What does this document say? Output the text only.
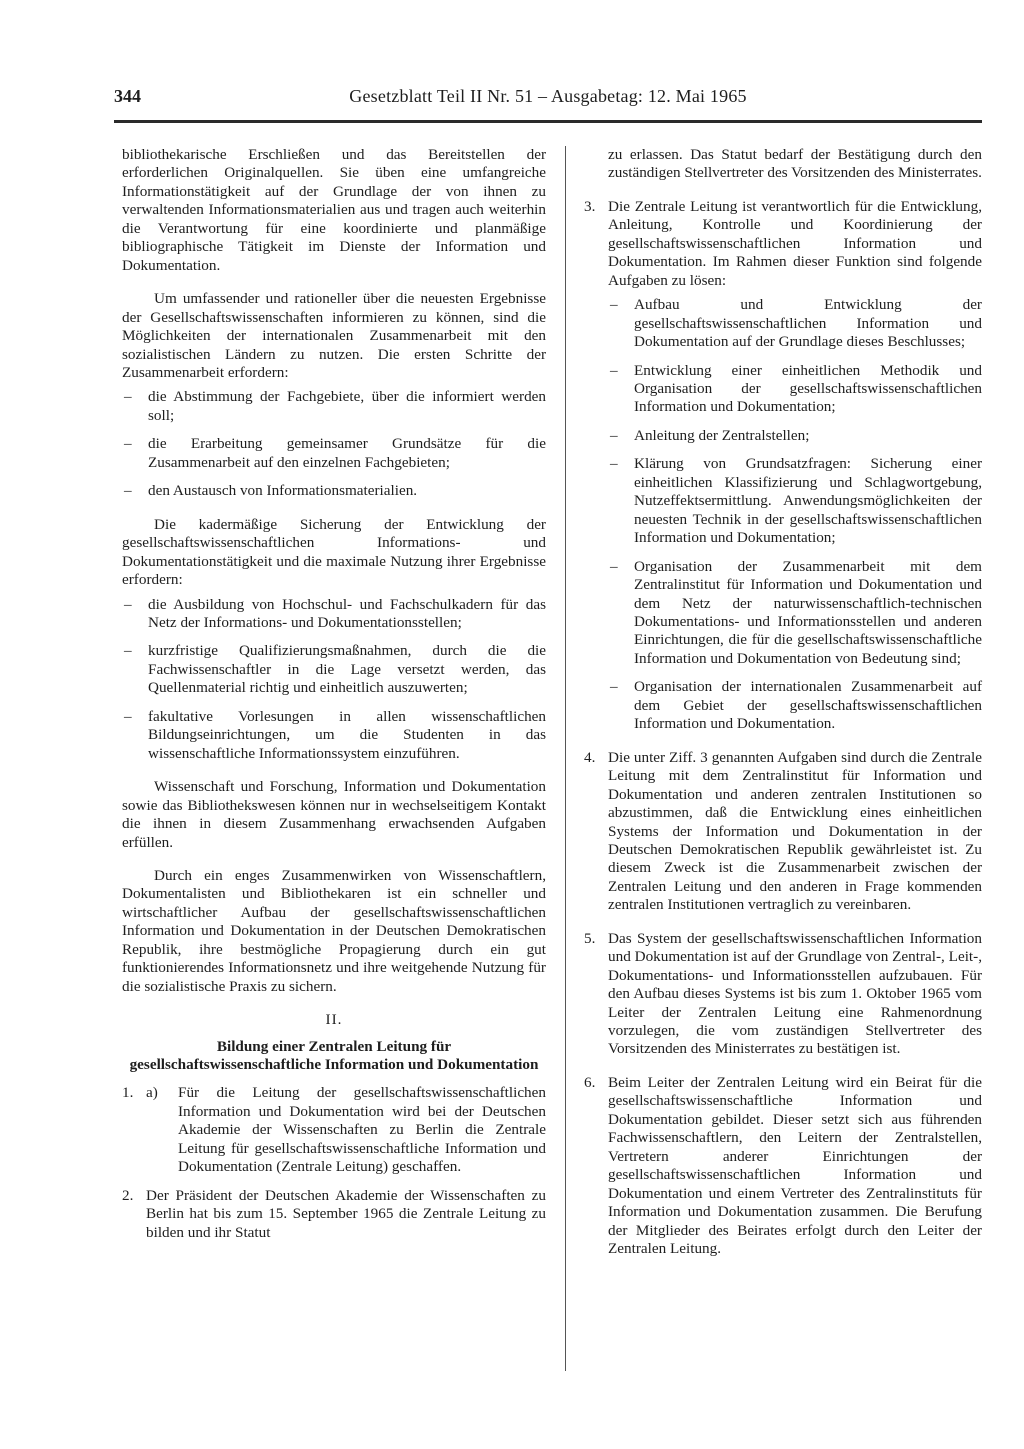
344	Gesetzblatt Teil II Nr. 51 – Ausgabetag: 12. Mai 1965

bibliothekarische Erschließen und das Bereitstellen der erforderlichen Originalquellen. Sie üben eine umfangreiche Informationstätigkeit auf der Grundlage der von ihnen zu verwaltenden Informationsmaterialien aus und tragen auch weiterhin die Verantwortung für eine koordinierte und planmäßige bibliographische Tätigkeit im Dienste der Information und Dokumentation.

Um umfassender und rationeller über die neuesten Ergebnisse der Gesellschaftswissenschaften informieren zu können, sind die Möglichkeiten der internationalen Zusammenarbeit mit den sozialistischen Ländern zu nutzen. Die ersten Schritte der Zusammenarbeit erfordern:

–	die Abstimmung der Fachgebiete, über die informiert werden soll;
–	die Erarbeitung gemeinsamer Grundsätze für die Zusammenarbeit auf den einzelnen Fachgebieten;
–	den Austausch von Informationsmaterialien.

Die kadermäßige Sicherung der Entwicklung der gesellschaftswissenschaftlichen Informations- und Dokumentationstätigkeit und die maximale Nutzung ihrer Ergebnisse erfordern:

–	die Ausbildung von Hochschul- und Fachschulkadern für das Netz der Informations- und Dokumentationsstellen;
–	kurzfristige Qualifizierungsmaßnahmen, durch die die Fachwissenschaftler in die Lage versetzt werden, das Quellenmaterial richtig und einheitlich auszuwerten;
–	fakultative Vorlesungen in allen wissenschaftlichen Bildungseinrichtungen, um die Studenten in das wissenschaftliche Informationssystem einzuführen.

Wissenschaft und Forschung, Information und Dokumentation sowie das Bibliothekswesen können nur in wechselseitigem Kontakt die ihnen in diesem Zusammenhang erwachsenden Aufgaben erfüllen.

Durch ein enges Zusammenwirken von Wissenschaftlern, Dokumentalisten und Bibliothekaren ist ein schneller und wirtschaftlicher Aufbau der gesellschaftswissenschaftlichen Information und Dokumentation in der Deutschen Demokratischen Republik, ihre bestmögliche Propagierung durch ein gut funktionierendes Informationsnetz und ihre weitgehende Nutzung für die sozialistische Praxis zu sichern.

II.
Bildung einer Zentralen Leitung für gesellschaftswissenschaftliche Information und Dokumentation
1. a)	Für die Leitung der gesellschaftswissenschaftlichen Information und Dokumentation wird bei der Deutschen Akademie der Wissenschaften zu Berlin die Zentrale Leitung für gesellschaftswissenschaftliche Information und Dokumentation (Zentrale Leitung) geschaffen.
2. Der Präsident der Deutschen Akademie der Wissenschaften zu Berlin hat bis zum 15. September 1965 die Zentrale Leitung zu bilden und ihr Statut

zu erlassen. Das Statut bedarf der Bestätigung durch den zuständigen Stellvertreter des Vorsitzenden des Ministerrates.

3. Die Zentrale Leitung ist verantwortlich für die Entwicklung, Anleitung, Kontrolle und Koordinierung der gesellschaftswissenschaftlichen Information und Dokumentation. Im Rahmen dieser Funktion sind folgende Aufgaben zu lösen:
–	Aufbau und Entwicklung der gesellschaftswissenschaftlichen Information und Dokumentation auf der Grundlage dieses Beschlusses;
–	Entwicklung einer einheitlichen Methodik und Organisation der gesellschaftswissenschaftlichen Information und Dokumentation;
–	Anleitung der Zentralstellen;
–	Klärung von Grundsatzfragen: Sicherung einer einheitlichen Klassifizierung und Schlagwortgebung, Nutzeffektsermittlung. Anwendungsmöglichkeiten der neuesten Technik in der gesellschaftswissenschaftlichen Information und Dokumentation;
–	Organisation der Zusammenarbeit mit dem Zentralinstitut für Information und Dokumentation und dem Netz der naturwissenschaftlich-technischen Dokumentations- und Informationsstellen und anderen Einrichtungen, die für die gesellschaftswissenschaftliche Information und Dokumentation von Bedeutung sind;
–	Organisation der internationalen Zusammenarbeit auf dem Gebiet der gesellschaftswissenschaftlichen Information und Dokumentation.
4. Die unter Ziff. 3 genannten Aufgaben sind durch die Zentrale Leitung mit dem Zentralinstitut für Information und Dokumentation und anderen zentralen Institutionen so abzustimmen, daß die Entwicklung eines einheitlichen Systems der Information und Dokumentation in der Deutschen Demokratischen Republik gewährleistet ist. Zu diesem Zweck ist die Zusammenarbeit zwischen der Zentralen Leitung und den anderen in Frage kommenden zentralen Institutionen vertraglich zu vereinbaren.
5. Das System der gesellschaftswissenschaftlichen Information und Dokumentation ist auf der Grundlage von Zentral-, Leit-, Dokumentations- und Informationsstellen aufzubauen. Für den Aufbau dieses Systems ist bis zum 1. Oktober 1965 vom Leiter der Zentralen Leitung eine Rahmenordnung vorzulegen, die vom zuständigen Stellvertreter des Vorsitzenden des Ministerrates zu bestätigen ist.
6. Beim Leiter der Zentralen Leitung wird ein Beirat für die gesellschaftswissenschaftliche Information und Dokumentation gebildet. Dieser setzt sich aus führenden Fachwissenschaftlern, den Leitern der Zentralstellen, Vertretern anderer Einrichtungen der gesellschaftswissenschaftlichen Information und Dokumentation und einem Vertreter des Zentralinstituts für Information und Dokumentation zusammen. Die Berufung der Mitglieder des Beirates erfolgt durch den Leiter der Zentralen Leitung.
